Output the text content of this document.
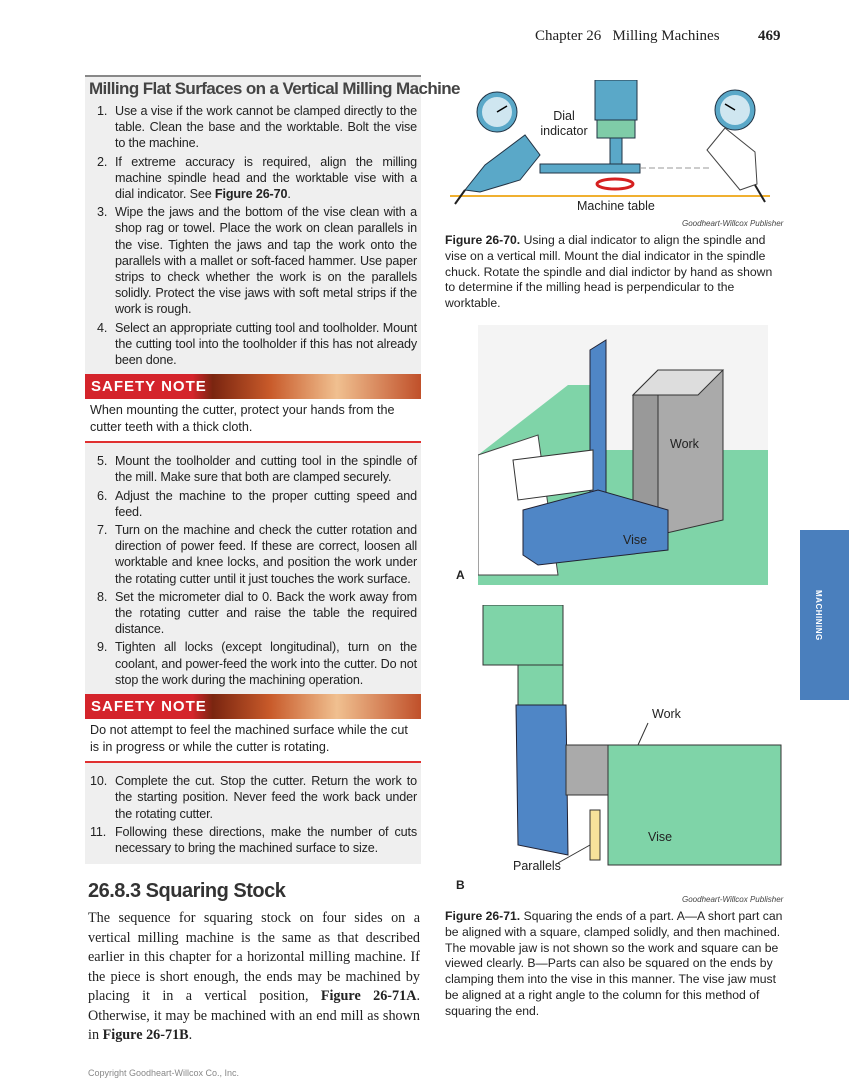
Chapter 26 Milling Machines	469
Milling Flat Surfaces on a Vertical Milling Machine
1. Use a vise if the work cannot be clamped directly to the table. Clean the base and the worktable. Bolt the vise to the machine.
2. If extreme accuracy is required, align the milling machine spindle head and the worktable vise with a dial indicator. See Figure 26-70.
3. Wipe the jaws and the bottom of the vise clean with a shop rag or towel. Place the work on clean parallels in the vise. Tighten the jaws and tap the work onto the parallels with a mallet or soft-faced hammer. Use paper strips to check whether the work is on the parallels solidly. Protect the vise jaws with soft metal strips if the work is rough.
4. Select an appropriate cutting tool and toolholder. Mount the cutting tool into the toolholder if this has not already been done.
SAFETY NOTE
When mounting the cutter, protect your hands from the cutter teeth with a thick cloth.
5. Mount the toolholder and cutting tool in the spindle of the mill. Make sure that both are clamped securely.
6. Adjust the machine to the proper cutting speed and feed.
7. Turn on the machine and check the cutter rotation and direction of power feed. If these are correct, loosen all worktable and knee locks, and position the work under the rotating cutter until it just touches the work surface.
8. Set the micrometer dial to 0. Back the work away from the rotating cutter and raise the table the required distance.
9. Tighten all locks (except longitudinal), turn on the coolant, and power-feed the work into the cutter. Do not stop the work during the machining operation.
SAFETY NOTE
Do not attempt to feel the machined surface while the cut is in progress or while the cutter is rotating.
10. Complete the cut. Stop the cutter. Return the work to the starting position. Never feed the work back under the rotating cutter.
11. Following these directions, make the number of cuts necessary to bring the machined surface to size.
26.8.3 Squaring Stock
The sequence for squaring stock on four sides on a vertical milling machine is the same as that described earlier in this chapter for a horizontal milling machine. If the piece is short enough, the ends may be machined by placing it in a vertical position, Figure 26-71A. Otherwise, it may be machined with an end mill as shown in Figure 26-71B.
Copyright Goodheart-Willcox Co., Inc.
Dial indicator
Machine table
Goodheart-Willcox Publisher
Figure 26-70. Using a dial indicator to align the spindle and vise on a vertical mill. Mount the dial indicator in the spindle chuck. Rotate the spindle and dial indictor by hand as shown to determine if the milling head is perpendicular to the worktable.
Work
Vise
A
Work
Vise
Parallels
B
Goodheart-Willcox Publisher
Figure 26-71. Squaring the ends of a part. A—A short part can be aligned with a square, clamped solidly, and then machined. The movable jaw is not shown so the work and square can be viewed clearly. B—Parts can also be squared on the ends by clamping them into the vise in this manner. The vise jaw must be aligned at a right angle to the column for this method of squaring the end.
MACHINING
